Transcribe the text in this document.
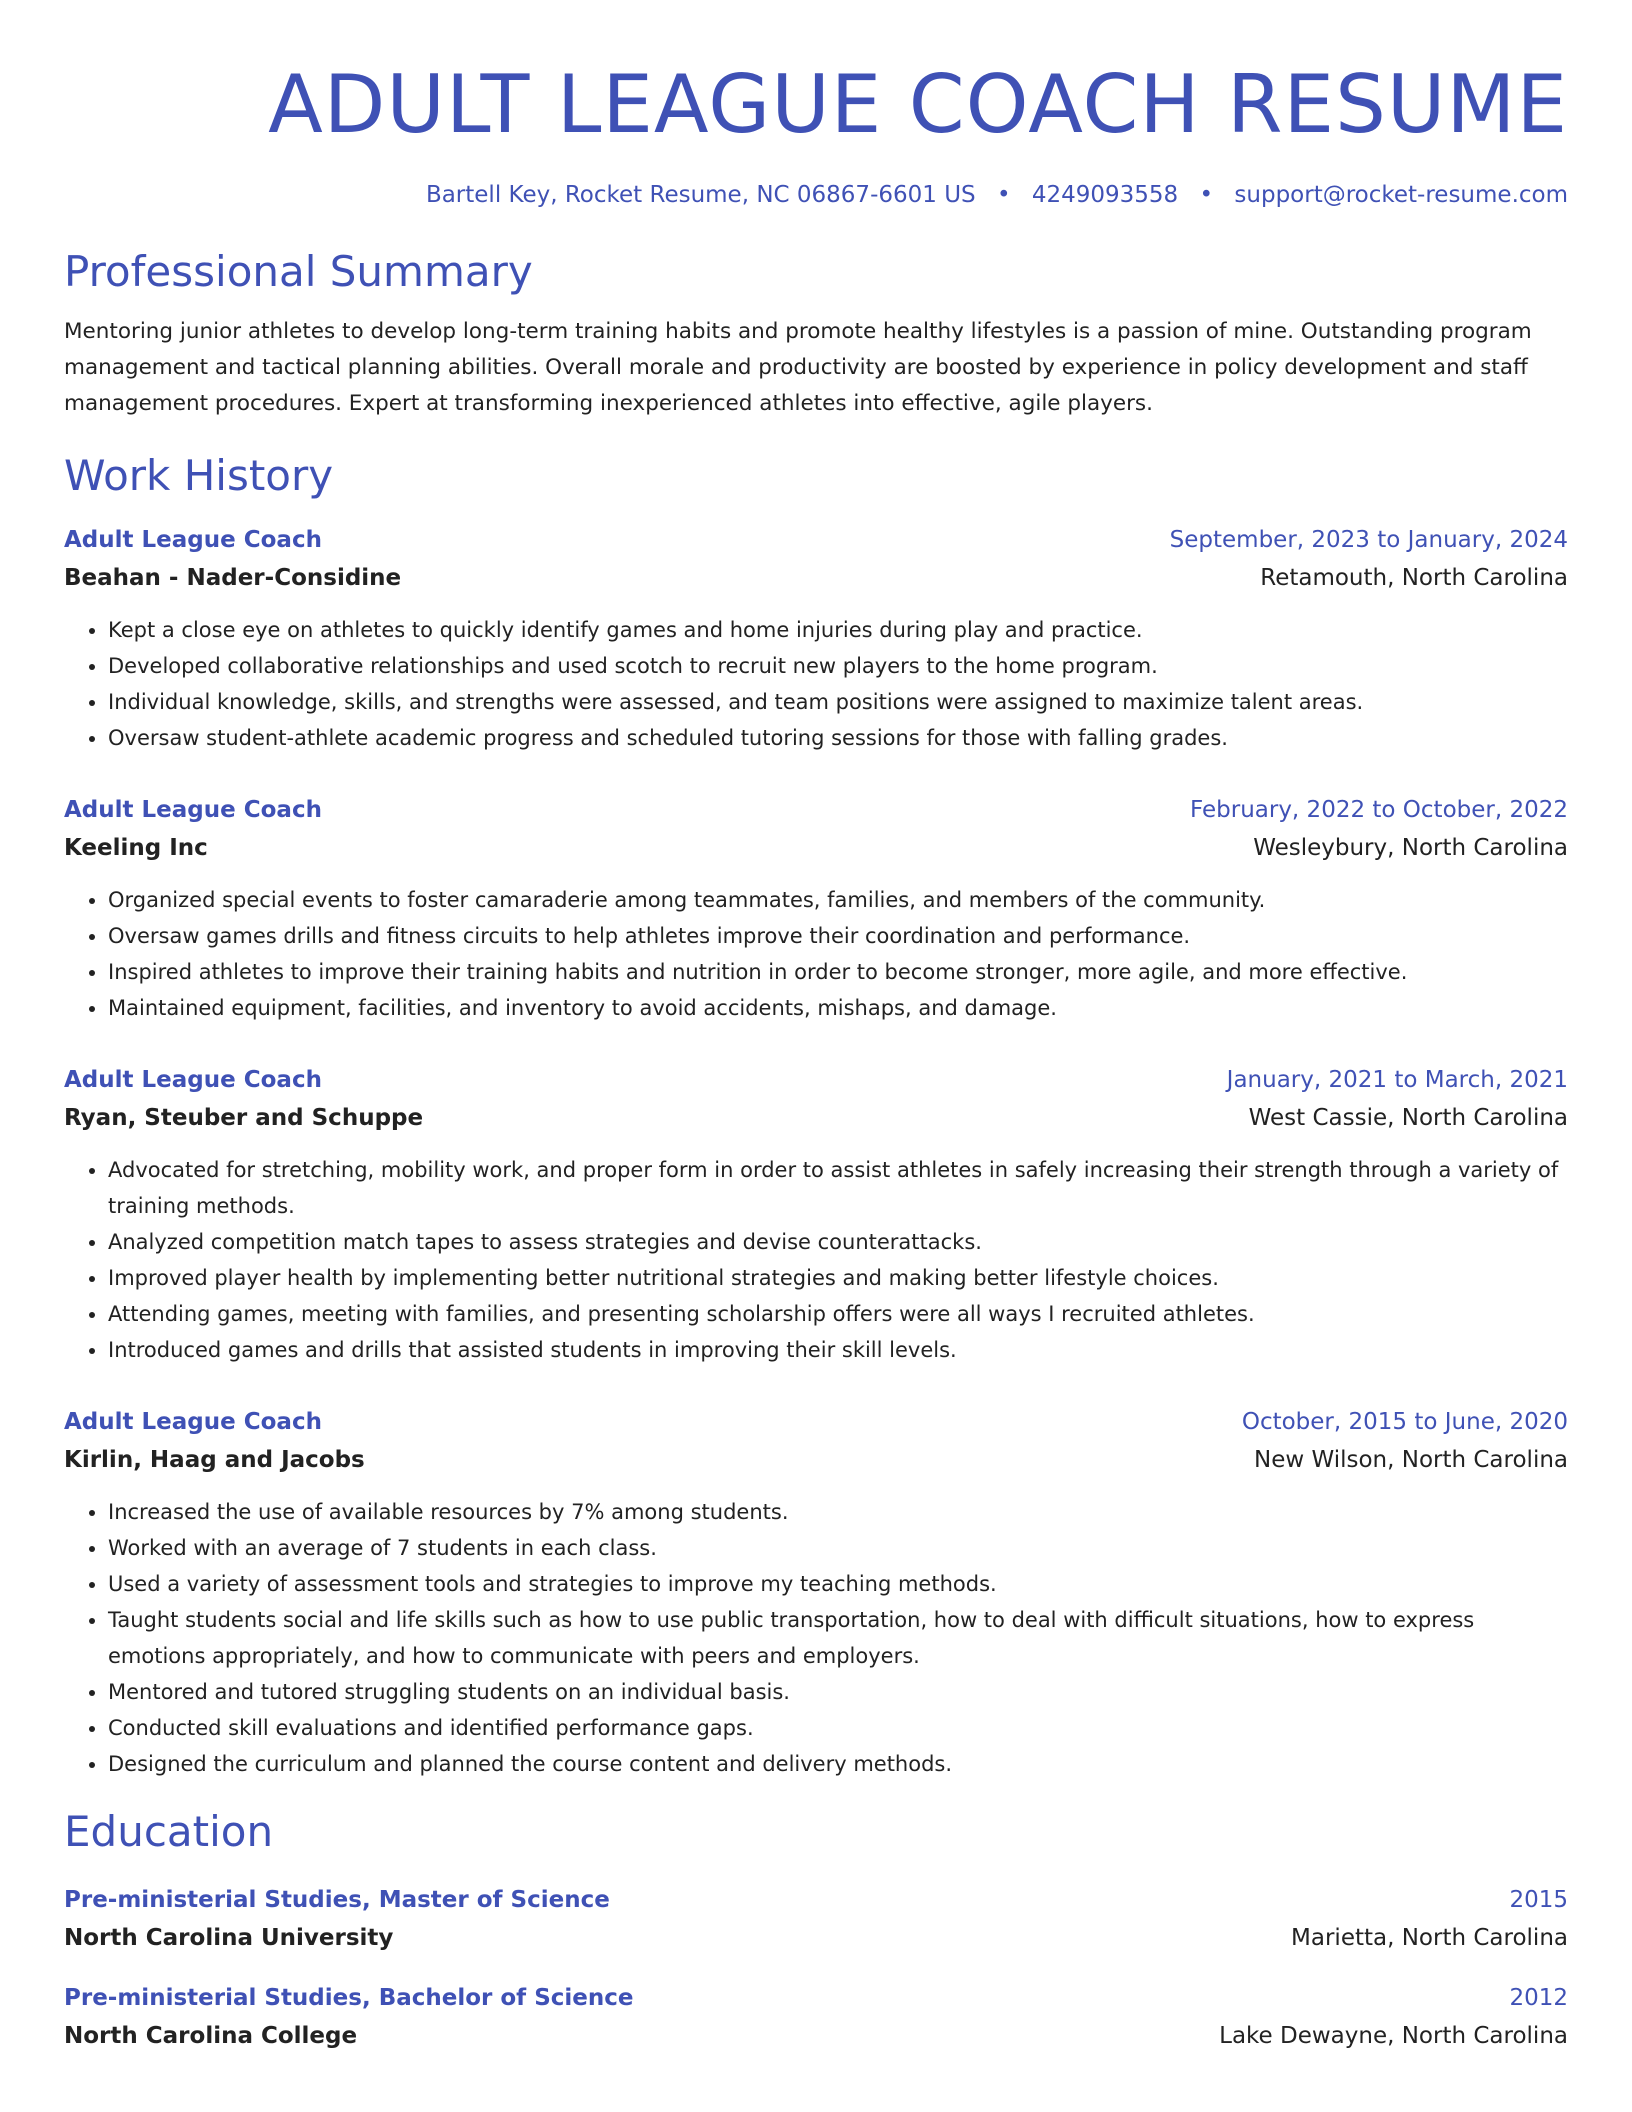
ADULT LEAGUE COACH RESUME
Bartell Key, Rocket Resume, NC 06867-6601 US • 4249093558 • support@rocket-resume.com
Professional Summary
Mentoring junior athletes to develop long-term training habits and promote healthy lifestyles is a passion of mine. Outstanding program management and tactical planning abilities. Overall morale and productivity are boosted by experience in policy development and staff management procedures. Expert at transforming inexperienced athletes into effective, agile players.
Work History
Adult League Coach	September, 2023 to January, 2024
Beahan - Nader-Considine	Retamouth, North Carolina
• Kept a close eye on athletes to quickly identify games and home injuries during play and practice.
• Developed collaborative relationships and used scotch to recruit new players to the home program.
• Individual knowledge, skills, and strengths were assessed, and team positions were assigned to maximize talent areas.
• Oversaw student-athlete academic progress and scheduled tutoring sessions for those with falling grades.
Adult League Coach	February, 2022 to October, 2022
Keeling Inc	Wesleybury, North Carolina
• Organized special events to foster camaraderie among teammates, families, and members of the community.
• Oversaw games drills and fitness circuits to help athletes improve their coordination and performance.
• Inspired athletes to improve their training habits and nutrition in order to become stronger, more agile, and more effective.
• Maintained equipment, facilities, and inventory to avoid accidents, mishaps, and damage.
Adult League Coach	January, 2021 to March, 2021
Ryan, Steuber and Schuppe	West Cassie, North Carolina
• Advocated for stretching, mobility work, and proper form in order to assist athletes in safely increasing their strength through a variety of training methods.
• Analyzed competition match tapes to assess strategies and devise counterattacks.
• Improved player health by implementing better nutritional strategies and making better lifestyle choices.
• Attending games, meeting with families, and presenting scholarship offers were all ways I recruited athletes.
• Introduced games and drills that assisted students in improving their skill levels.
Adult League Coach	October, 2015 to June, 2020
Kirlin, Haag and Jacobs	New Wilson, North Carolina
• Increased the use of available resources by 7% among students.
• Worked with an average of 7 students in each class.
• Used a variety of assessment tools and strategies to improve my teaching methods.
• Taught students social and life skills such as how to use public transportation, how to deal with difficult situations, how to express emotions appropriately, and how to communicate with peers and employers.
• Mentored and tutored struggling students on an individual basis.
• Conducted skill evaluations and identified performance gaps.
• Designed the curriculum and planned the course content and delivery methods.
Education
Pre-ministerial Studies, Master of Science	2015
North Carolina University	Marietta, North Carolina
Pre-ministerial Studies, Bachelor of Science	2012
North Carolina College	Lake Dewayne, North Carolina
